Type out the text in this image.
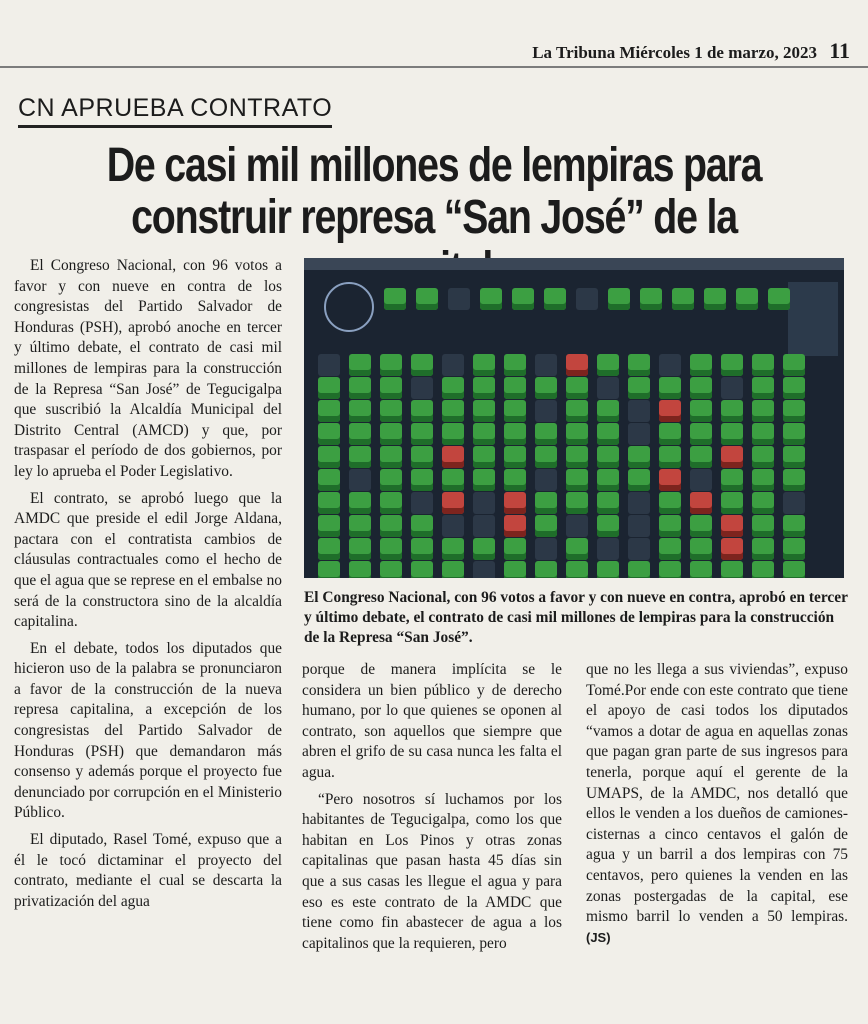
La Tribuna Miércoles 1 de marzo, 2023 11
CN APRUEBA CONTRATO
De casi mil millones de lempiras para construir represa “San José” de la

El Congreso Nacional, con 96 votos a favor y con nueve en contra de los congresistas del Partido Salvador de Honduras (PSH), aprobó anoche en tercer y último debate, el contrato de casi mil millones de lempiras para la construcción de la Represa “San José” de Tegucigalpa que suscribió la Alcaldía Municipal del Distrito Central (AMCD) y que, por traspasar el período de dos gobiernos, por ley lo aprueba el Poder Legislativo.

El contrato, se aprobó luego que la AMDC que preside el edil Jorge Aldana, pactara con el contratista cambios de cláusulas contractuales como el hecho de que el agua que se represe en el embalse no será de la constructora sino de la alcaldía capitalina.

En el debate, todos los diputados que hicieron uso de la palabra se pronunciaron a favor de la construcción de la nueva represa capitalina, a excepción de los congresistas del Partido Salvador de Honduras (PSH) que demandaron más consenso y además porque el proyecto fue denunciado por corrupción en el Ministerio Público.

El diputado, Rasel Tomé, expuso que a él le tocó dictaminar el proyecto del contrato, mediante el cual se descarta la privatización del agua

El Congreso Nacional, con 96 votos a favor y con nueve en contra, aprobó en tercer y último debate, el contrato de casi mil millones de lempiras para la construcción de la Represa “San José”.

porque de manera implícita se le considera un bien público y de derecho humano, por lo que quienes se oponen al contrato, son aquellos que siempre que abren el grifo de su casa nunca les falta el agua.

“Pero nosotros sí luchamos por los habitantes de Tegucigalpa, como los que habitan en Los Pinos y otras zonas capitalinas que pasan hasta 45 días sin que a sus casas les llegue el agua y para eso es este contrato de la AMDC que tiene como fin abastecer de agua a los capitalinos que la requieren, pero

que no les llega a sus viviendas”, expuso Tomé.Por ende con este contrato que tiene el apoyo de casi todos los diputados “vamos a dotar de agua en aquellas zonas que pagan gran parte de sus ingresos para tenerla, porque aquí el gerente de la UMAPS, de la AMDC, nos detalló que ellos le venden a los dueños de camiones-cisternas a cinco centavos el galón de agua y un barril a dos lempiras con 75 centavos, pero quienes la venden en las zonas postergadas de la capital, ese mismo barril lo venden a 50 lempiras. (JS)
